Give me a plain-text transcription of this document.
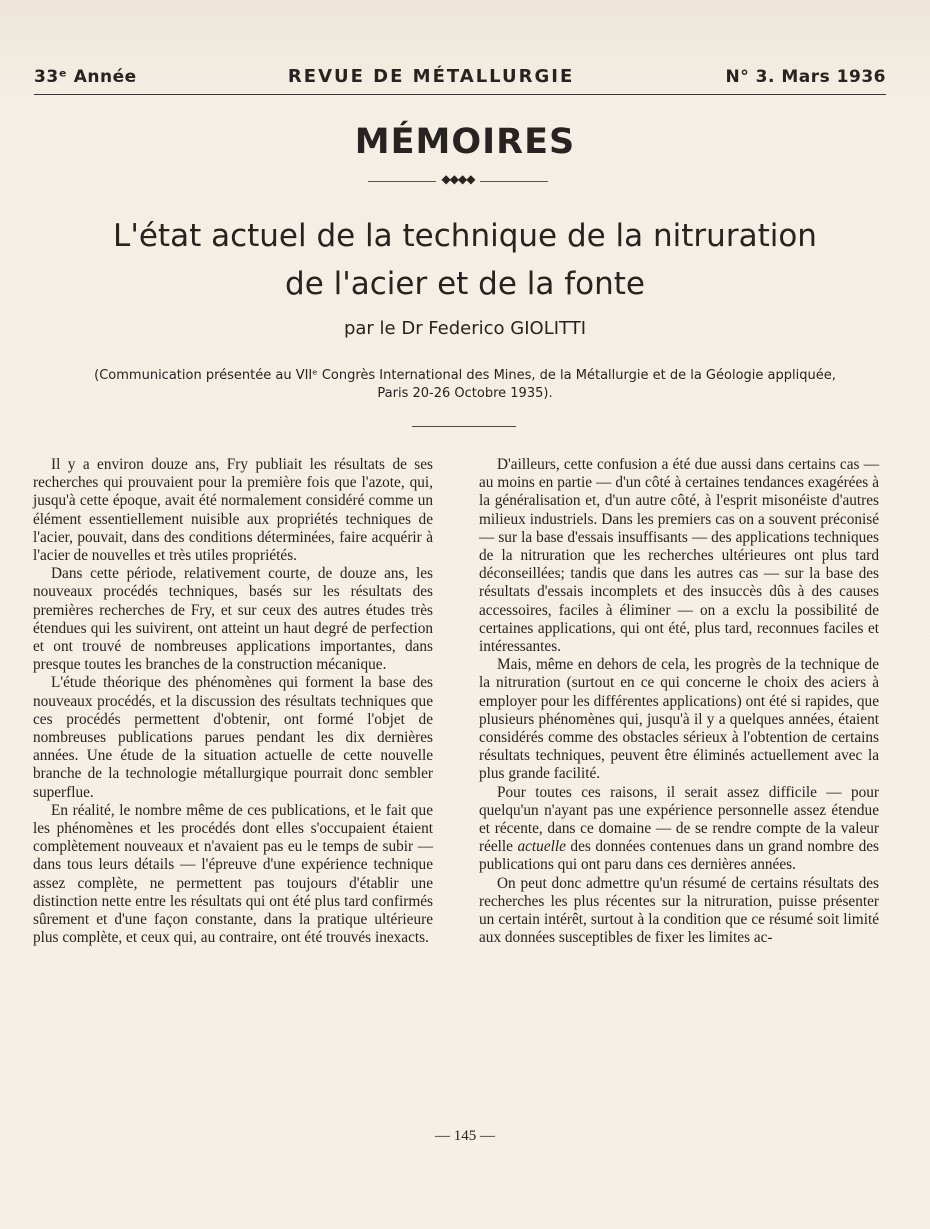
33ᵉ Année	REVUE DE MÉTALLURGIE	N° 3. Mars 1936
MÉMOIRES
◆◆◆◆
L'état actuel de la technique de la nitruration
de l'acier et de la fonte
par le Dr Federico GIOLITTI
(Communication présentée au VIIᵉ Congrès International des Mines, de la Métallurgie et de la Géologie appliquée,
Paris 20-26 Octobre 1935).

Il y a environ douze ans, Fry publiait les résultats de ses recherches qui prouvaient pour la première fois que l'azote, qui, jusqu'à cette époque, avait été normalement considéré comme un élément essentiellement nuisible aux propriétés techniques de l'acier, pouvait, dans des conditions déterminées, faire acquérir à l'acier de nouvelles et très utiles propriétés.

Dans cette période, relativement courte, de douze ans, les nouveaux procédés techniques, basés sur les résultats des premières recherches de Fry, et sur ceux des autres études très étendues qui les suivirent, ont atteint un haut degré de perfection et ont trouvé de nombreuses applications importantes, dans presque toutes les branches de la construction mécanique.

L'étude théorique des phénomènes qui forment la base des nouveaux procédés, et la discussion des résultats techniques que ces procédés permettent d'obtenir, ont formé l'objet de nombreuses publications parues pendant les dix dernières années. Une étude de la situation actuelle de cette nouvelle branche de la technologie métallurgique pourrait donc sembler superflue.

En réalité, le nombre même de ces publications, et le fait que les phénomènes et les procédés dont elles s'occupaient étaient complètement nouveaux et n'avaient pas eu le temps de subir — dans tous leurs détails — l'épreuve d'une expérience technique assez complète, ne permettent pas toujours d'établir une distinction nette entre les résultats qui ont été plus tard confirmés sûrement et d'une façon constante, dans la pratique ultérieure plus complète, et ceux qui, au contraire, ont été trouvés inexacts.

D'ailleurs, cette confusion a été due aussi dans certains cas — au moins en partie — d'un côté à certaines tendances exagérées à la généralisation et, d'un autre côté, à l'esprit misonéiste d'autres milieux industriels. Dans les premiers cas on a souvent préconisé — sur la base d'essais insuffisants — des applications techniques de la nitruration que les recherches ultérieures ont plus tard déconseillées; tandis que dans les autres cas — sur la base des résultats d'essais incomplets et des insuccès dûs à des causes accessoires, faciles à éliminer — on a exclu la possibilité de certaines applications, qui ont été, plus tard, reconnues faciles et intéressantes.

Mais, même en dehors de cela, les progrès de la technique de la nitruration (surtout en ce qui concerne le choix des aciers à employer pour les différentes applications) ont été si rapides, que plusieurs phénomènes qui, jusqu'à il y a quelques années, étaient considérés comme des obstacles sérieux à l'obtention de certains résultats techniques, peuvent être éliminés actuellement avec la plus grande facilité.

Pour toutes ces raisons, il serait assez difficile — pour quelqu'un n'ayant pas une expérience personnelle assez étendue et récente, dans ce domaine — de se rendre compte de la valeur réelle actuelle des données contenues dans un grand nombre des publications qui ont paru dans ces dernières années.

On peut donc admettre qu'un résumé de certains résultats des recherches les plus récentes sur la nitruration, puisse présenter un certain intérêt, surtout à la condition que ce résumé soit limité aux données susceptibles de fixer les limites ac-

— 145 —
